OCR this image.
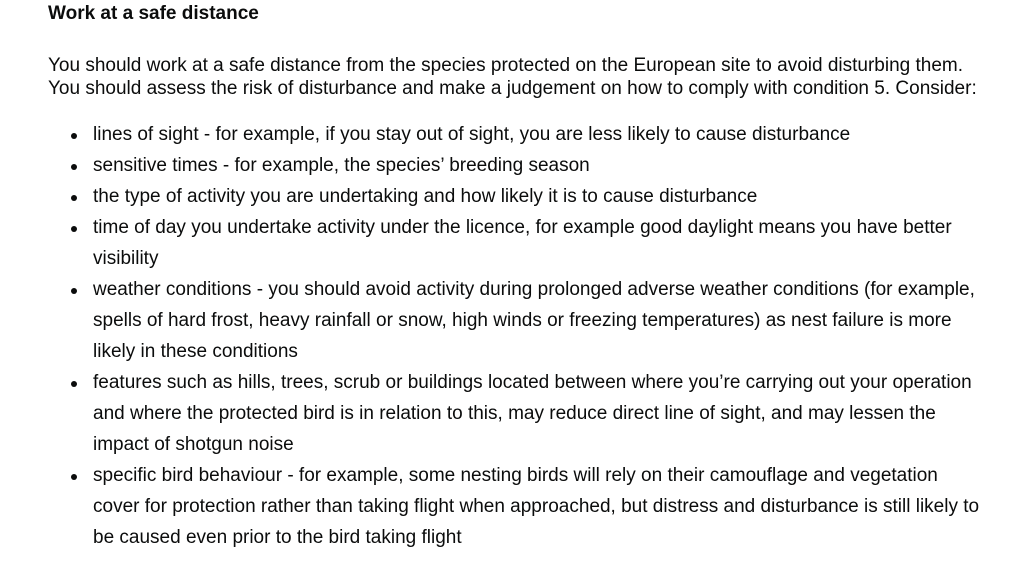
Work at a safe distance

You should work at a safe distance from the species protected on the European site to avoid disturbing them. You should assess the risk of disturbance and make a judgement on how to comply with condition 5. Consider:

lines of sight - for example, if you stay out of sight, you are less likely to cause disturbance
sensitive times - for example, the species’ breeding season
the type of activity you are undertaking and how likely it is to cause disturbance
time of day you undertake activity under the licence, for example good daylight means you have better visibility
weather conditions - you should avoid activity during prolonged adverse weather conditions (for example, spells of hard frost, heavy rainfall or snow, high winds or freezing temperatures) as nest failure is more likely in these conditions
features such as hills, trees, scrub or buildings located between where you’re carrying out your operation and where the protected bird is in relation to this, may reduce direct line of sight, and may lessen the impact of shotgun noise
specific bird behaviour - for example, some nesting birds will rely on their camouflage and vegetation cover for protection rather than taking flight when approached, but distress and disturbance is still likely to be caused even prior to the bird taking flight
